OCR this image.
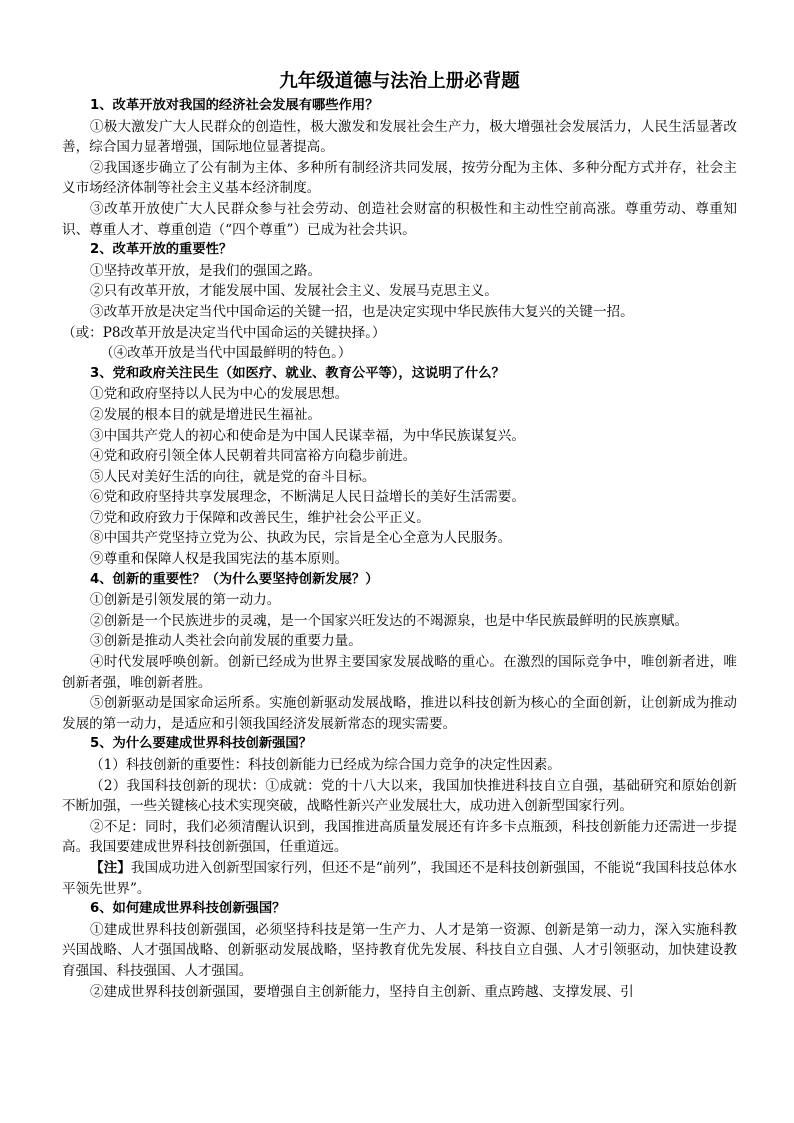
九年级道德与法治上册必背题

1、改革开放对我国的经济社会发展有哪些作用？

①极大激发广大人民群众的创造性，极大激发和发展社会生产力，极大增强社会发展活力，人民生活显著改善，综合国力显著增强，国际地位显著提高。

②我国逐步确立了公有制为主体、多种所有制经济共同发展，按劳分配为主体、多种分配方式并存，社会主义市场经济体制等社会主义基本经济制度。

③改革开放使广大人民群众参与社会劳动、创造社会财富的积极性和主动性空前高涨。尊重劳动、尊重知识、尊重人才、尊重创造（“四个尊重”）已成为社会共识。

2、改革开放的重要性？

①坚持改革开放，是我们的强国之路。

②只有改革开放，才能发展中国、发展社会主义、发展马克思主义。

③改革开放是决定当代中国命运的关键一招，也是决定实现中华民族伟大复兴的关键一招。

（或：P8改革开放是决定当代中国命运的关键抉择。）

（④改革开放是当代中国最鲜明的特色。）

3、党和政府关注民生（如医疗、就业、教育公平等），这说明了什么？

①党和政府坚持以人民为中心的发展思想。

②发展的根本目的就是增进民生福祉。

③中国共产党人的初心和使命是为中国人民谋幸福，为中华民族谋复兴。

④党和政府引领全体人民朝着共同富裕方向稳步前进。

⑤人民对美好生活的向往，就是党的奋斗目标。

⑥党和政府坚持共享发展理念，不断满足人民日益增长的美好生活需要。

⑦党和政府致力于保障和改善民生，维护社会公平正义。

⑧中国共产党坚持立党为公、执政为民，宗旨是全心全意为人民服务。

⑨尊重和保障人权是我国宪法的基本原则。

4、创新的重要性？（为什么要坚持创新发展？）

①创新是引领发展的第一动力。

②创新是一个民族进步的灵魂，是一个国家兴旺发达的不竭源泉，也是中华民族最鲜明的民族禀赋。

③创新是推动人类社会向前发展的重要力量。

④时代发展呼唤创新。创新已经成为世界主要国家发展战略的重心。在激烈的国际竞争中，唯创新者进，唯创新者强，唯创新者胜。

⑤创新驱动是国家命运所系。实施创新驱动发展战略，推进以科技创新为核心的全面创新，让创新成为推动发展的第一动力，是适应和引领我国经济发展新常态的现实需要。

5、为什么要建成世界科技创新强国？

（1）科技创新的重要性：科技创新能力已经成为综合国力竞争的决定性因素。

（2）我国科技创新的现状：①成就：党的十八大以来，我国加快推进科技自立自强，基础研究和原始创新不断加强，一些关键核心技术实现突破，战略性新兴产业发展壮大，成功进入创新型国家行列。

②不足：同时，我们必须清醒认识到，我国推进高质量发展还有许多卡点瓶颈，科技创新能力还需进一步提高。我国要建成世界科技创新强国，任重道远。

【注】我国成功进入创新型国家行列，但还不是“前列”，我国还不是科技创新强国，不能说“我国科技总体水平领先世界”。

6、如何建成世界科技创新强国？

①建成世界科技创新强国，必须坚持科技是第一生产力、人才是第一资源、创新是第一动力，深入实施科教兴国战略、人才强国战略、创新驱动发展战略，坚持教育优先发展、科技自立自强、人才引领驱动，加快建设教育强国、科技强国、人才强国。

②建成世界科技创新强国，要增强自主创新能力，坚持自主创新、重点跨越、支撑发展、引
